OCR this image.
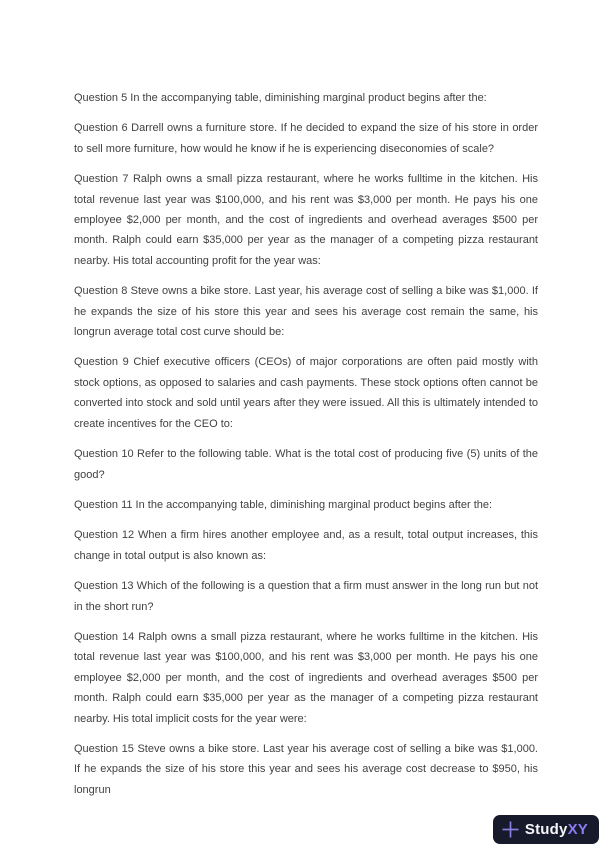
Question 5 In the accompanying table, diminishing marginal product begins after the:

Question 6 Darrell owns a furniture store. If he decided to expand the size of his store in order to sell more furniture, how would he know if he is experiencing diseconomies of scale?

Question 7 Ralph owns a small pizza restaurant, where he works fulltime in the kitchen. His total revenue last year was $100,000, and his rent was $3,000 per month. He pays his one employee $2,000 per month, and the cost of ingredients and overhead averages $500 per month. Ralph could earn $35,000 per year as the manager of a competing pizza restaurant nearby. His total accounting profit for the year was:

Question 8 Steve owns a bike store. Last year, his average cost of selling a bike was $1,000. If he expands the size of his store this year and sees his average cost remain the same, his longrun average total cost curve should be:

Question 9 Chief executive officers (CEOs) of major corporations are often paid mostly with stock options, as opposed to salaries and cash payments. These stock options often cannot be converted into stock and sold until years after they were issued. All this is ultimately intended to create incentives for the CEO to:

Question 10 Refer to the following table. What is the total cost of producing five (5) units of the good?

Question 11 In the accompanying table, diminishing marginal product begins after the:

Question 12 When a firm hires another employee and, as a result, total output increases, this change in total output is also known as:

Question 13 Which of the following is a question that a firm must answer in the long run but not in the short run?

Question 14 Ralph owns a small pizza restaurant, where he works fulltime in the kitchen. His total revenue last year was $100,000, and his rent was $3,000 per month. He pays his one employee $2,000 per month, and the cost of ingredients and overhead averages $500 per month. Ralph could earn $35,000 per year as the manager of a competing pizza restaurant nearby. His total implicit costs for the year were:

Question 15 Steve owns a bike store. Last year his average cost of selling a bike was $1,000. If he expands the size of his store this year and sees his average cost decrease to $950, his longrun

StudyXY
